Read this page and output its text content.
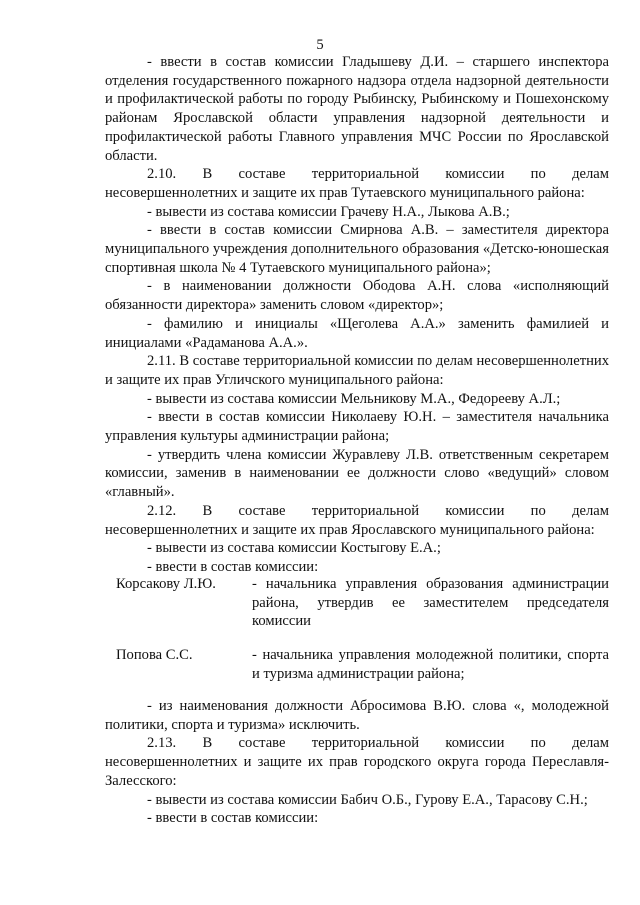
5

- ввести в состав комиссии Гладышеву Д.И. – старшего инспектора отделения государственного пожарного надзора отдела надзорной деятельности и профилактической работы по городу Рыбинску, Рыбинскому и Пошехонскому районам Ярославской области управления надзорной деятельности и профилактической работы Главного управления МЧС России по Ярославской области.

2.10. В составе территориальной комиссии по делам несовершеннолетних и защите их прав Тутаевского муниципального района:

- вывести из состава комиссии Грачеву Н.А., Лыкова А.В.;

- ввести в состав комиссии Смирнова А.В. – заместителя директора муниципального учреждения дополнительного образования «Детско-юношеская спортивная школа № 4 Тутаевского муниципального района»;

- в наименовании должности Ободова А.Н. слова «исполняющий обязанности директора» заменить словом «директор»;

- фамилию и инициалы «Щеголева А.А.» заменить фамилией и инициалами «Радаманова А.А.».

2.11. В составе территориальной комиссии по делам несовершеннолетних и защите их прав Угличского муниципального района:

- вывести из состава комиссии Мельникову М.А., Федорееву А.Л.;

- ввести в состав комиссии Николаеву Ю.Н. – заместителя начальника управления культуры администрации района;

- утвердить члена комиссии Журавлеву Л.В. ответственным секретарем комиссии, заменив в наименовании ее должности слово «ведущий» словом «главный».

2.12. В составе территориальной комиссии по делам несовершеннолетних и защите их прав Ярославского муниципального района:

- вывести из состава комиссии Костыгову Е.А.;

- ввести в состав комиссии:

Корсакову Л.Ю. - начальника управления образования администрации района, утвердив ее заместителем председателя комиссии
Попова С.С.	- начальника управления молодежной политики, спорта и туризма администрации района;

- из наименования должности Абросимова В.Ю. слова «, молодежной политики, спорта и туризма» исключить.

2.13. В составе территориальной комиссии по делам несовершеннолетних и защите их прав городского округа города Переславля-Залесского:

- вывести из состава комиссии Бабич О.Б., Гурову Е.А., Тарасову С.Н.;

- ввести в состав комиссии:
